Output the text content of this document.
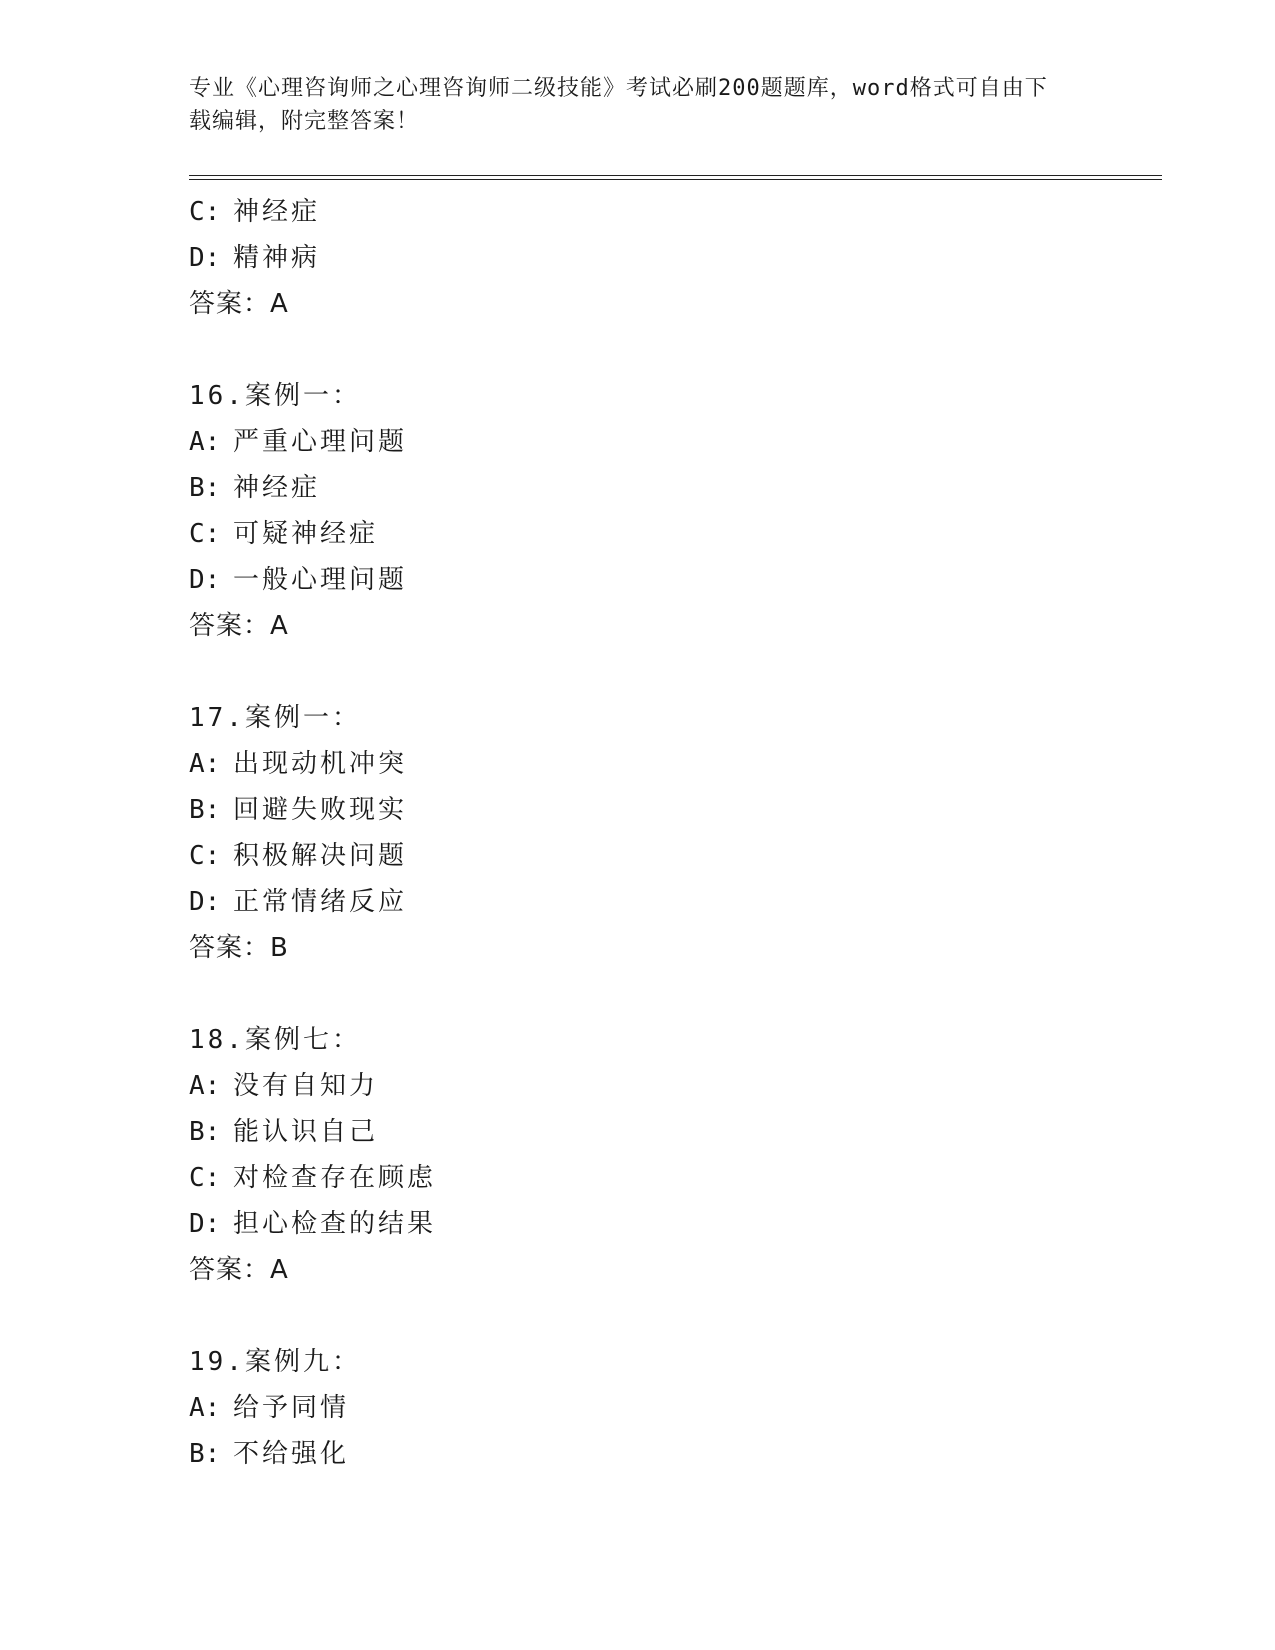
专业《心理咨询师之心理咨询师二级技能》考试必刷200题题库，word格式可自由下载编辑，附完整答案！
C: 神经症
D: 精神病
答案：A
16.案例一：
A: 严重心理问题
B: 神经症
C: 可疑神经症
D: 一般心理问题
答案：A
17.案例一：
A: 出现动机冲突
B: 回避失败现实
C: 积极解决问题
D: 正常情绪反应
答案：B
18.案例七：
A: 没有自知力
B: 能认识自己
C: 对检查存在顾虑
D: 担心检查的结果
答案：A
19.案例九：
A: 给予同情
B: 不给强化
